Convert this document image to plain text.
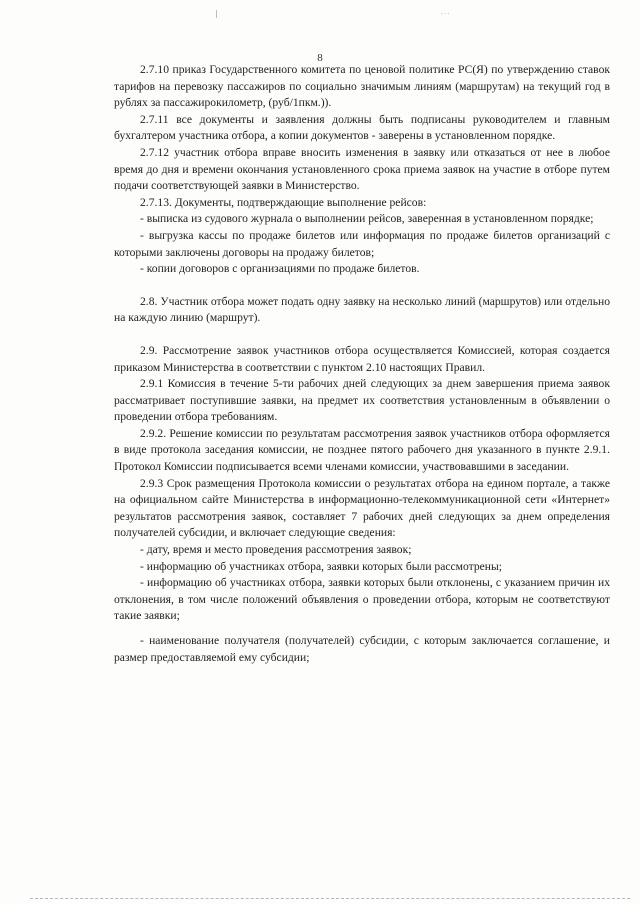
…
8

2.7.10 приказ Государственного комитета по ценовой политике РС(Я) по утверждению ставок тарифов на перевозку пассажиров по социально значимым линиям (маршрутам) на текущий год в рублях за пассажирокилометр, (руб/1пкм.)).

2.7.11 все документы и заявления должны быть подписаны руководителем и главным бухгалтером участника отбора, а копии документов - заверены в установленном порядке.

2.7.12 участник отбора вправе вносить изменения в заявку или отказаться от нее в любое время до дня и времени окончания установленного срока приема заявок на участие в отборе путем подачи соответствующей заявки в Министерство.

2.7.13. Документы, подтверждающие выполнение рейсов:

- выписка из судового журнала о выполнении рейсов, заверенная в установленном порядке;

- выгрузка кассы по продаже билетов или информация по продаже билетов организаций с которыми заключены договоры на продажу билетов;

- копии договоров с организациями по продаже билетов.

2.8. Участник отбора может подать одну заявку на несколько линий (маршрутов) или отдельно на каждую линию (маршрут).

2.9. Рассмотрение заявок участников отбора осуществляется Комиссией, которая создается приказом Министерства в соответствии с пунктом 2.10 настоящих Правил.

2.9.1 Комиссия в течение 5-ти рабочих дней следующих за днем завершения приема заявок рассматривает поступившие заявки, на предмет их соответствия установленным в объявлении о проведении отбора требованиям.

2.9.2. Решение комиссии по результатам рассмотрения заявок участников отбора оформляется в виде протокола заседания комиссии, не позднее пятого рабочего дня указанного в пункте 2.9.1. Протокол Комиссии подписывается всеми членами комиссии, участвовавшими в заседании.

2.9.3 Срок размещения Протокола комиссии о результатах отбора на едином портале, а также на официальном сайте Министерства в информационно-телекоммуникационной сети «Интернет» результатов рассмотрения заявок, составляет 7 рабочих дней следующих за днем определения получателей субсидии, и включает следующие сведения:

- дату, время и место проведения рассмотрения заявок;

- информацию об участниках отбора, заявки которых были рассмотрены;

- информацию об участниках отбора, заявки которых были отклонены, с указанием причин их отклонения, в том числе положений объявления о проведении отбора, которым не соответствуют такие заявки;

- наименование получателя (получателей) субсидии, с которым заключается соглашение, и размер предоставляемой ему субсидии;
